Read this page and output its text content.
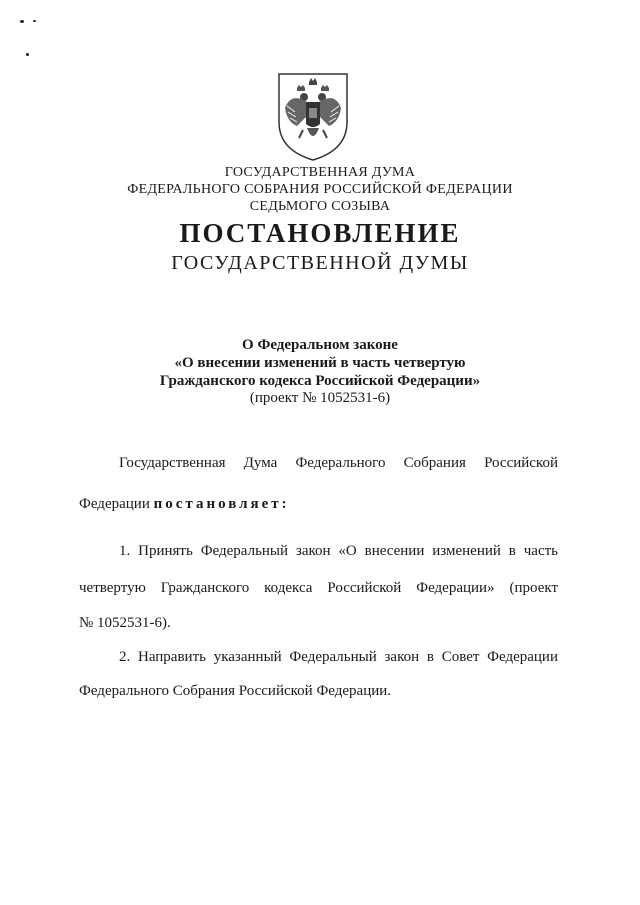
ГОСУДАРСТВЕННАЯ ДУМА
ФЕДЕРАЛЬНОГО СОБРАНИЯ РОССИЙСКОЙ ФЕДЕРАЦИИ
СЕДЬМОГО СОЗЫВА
ПОСТАНОВЛЕНИЕ
ГОСУДАРСТВЕННОЙ ДУМЫ
О Федеральном законе
«О внесении изменений в часть четвертую
Гражданского кодекса Российской Федерации»
(проект № 1052531-6)
Государственная Дума Федерального Собрания Российской
Федерации постановляет:
1. Принять Федеральный закон «О внесении изменений в часть
четвертую Гражданского кодекса Российской Федерации» (проект
№ 1052531-6).
2. Направить указанный Федеральный закон в Совет Федерации
Федерального Собрания Российской Федерации.
